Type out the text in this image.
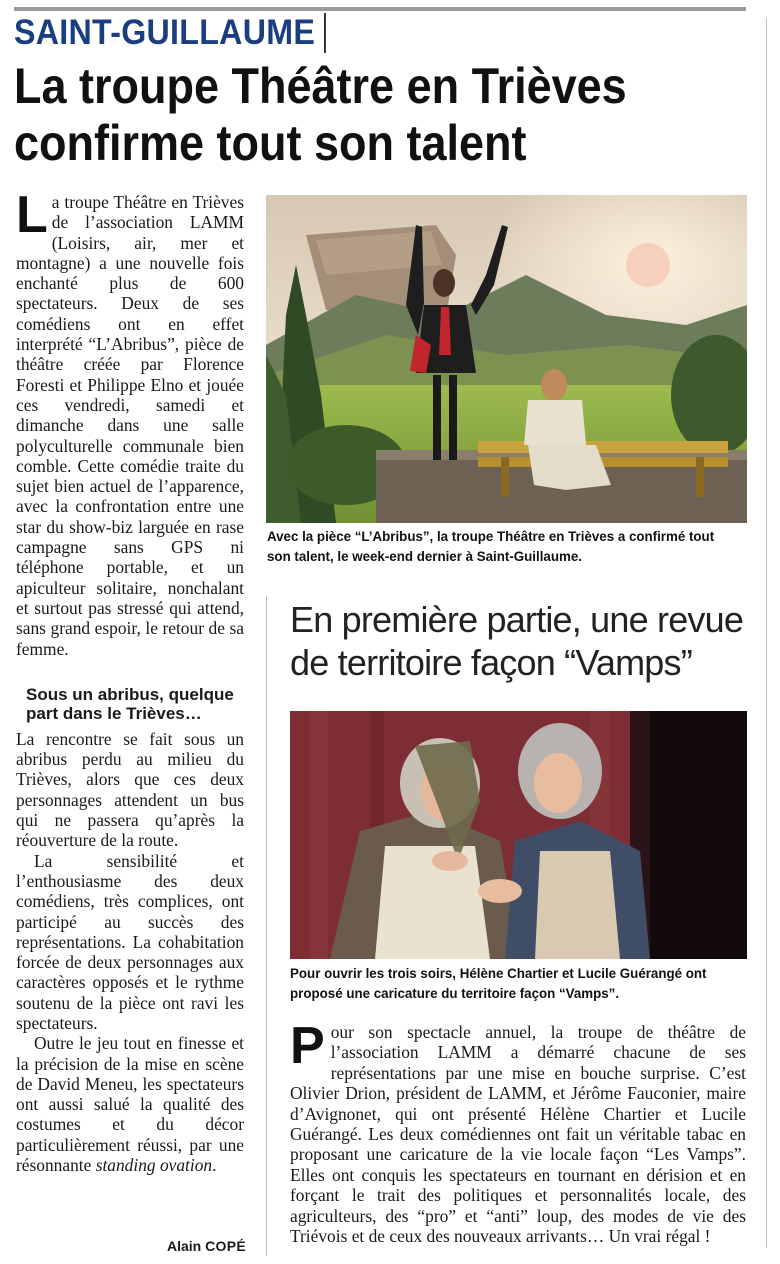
SAINT-GUILLAUME
La troupe Théâtre en Trièves confirme tout son talent

La troupe Théâtre en Trièves de l’association LAMM (Loisirs, air, mer et montagne) a une nouvelle fois enchanté plus de 600 spectateurs. Deux de ses comédiens ont en effet interprété “L’Abribus”, pièce de théâtre créée par Florence Foresti et Philippe Elno et jouée ces vendredi, samedi et dimanche dans une salle polyculturelle communale bien comble. Cette comédie traite du sujet bien actuel de l’apparence, avec la confrontation entre une star du show-biz larguée en rase campagne sans GPS ni téléphone portable, et un apiculteur solitaire, nonchalant et surtout pas stressé qui attend, sans grand espoir, le retour de sa femme.

Sous un abribus, quelque part dans le Trièves…

La rencontre se fait sous un abribus perdu au milieu du Trièves, alors que ces deux personnages attendent un bus qui ne passera qu’après la réouverture de la route.

La sensibilité et l’enthousiasme des deux comédiens, très complices, ont participé au succès des représentations. La cohabitation forcée de deux personnages aux caractères opposés et le rythme soutenu de la pièce ont ravi les spectateurs.

Outre le jeu tout en finesse et la précision de la mise en scène de David Meneu, les spectateurs ont aussi salué la qualité des costumes et du décor particulièrement réussi, par une résonnante standing ovation.

Alain COPÉ

Avec la pièce “L’Abribus”, la troupe Théâtre en Trièves a confirmé tout son talent, le week-end dernier à Saint-Guillaume.

En première partie, une revue de territoire façon “Vamps”

Pour ouvrir les trois soirs, Hélène Chartier et Lucile Guérangé ont proposé une caricature du territoire façon “Vamps”.

Pour son spectacle annuel, la troupe de théâtre de l’association LAMM a démarré chacune de ses représentations par une mise en bouche surprise. C’est Olivier Drion, président de LAMM, et Jérôme Fauconier, maire d’Avignonet, qui ont présenté Hélène Chartier et Lucile Guérangé. Les deux comédiennes ont fait un véritable tabac en proposant une caricature de la vie locale façon “Les Vamps”. Elles ont conquis les spectateurs en tournant en dérision et en forçant le trait des politiques et personnalités locale, des agriculteurs, des “pro” et “anti” loup, des modes de vie des Triévois et de ceux des nouveaux arrivants… Un vrai régal !
